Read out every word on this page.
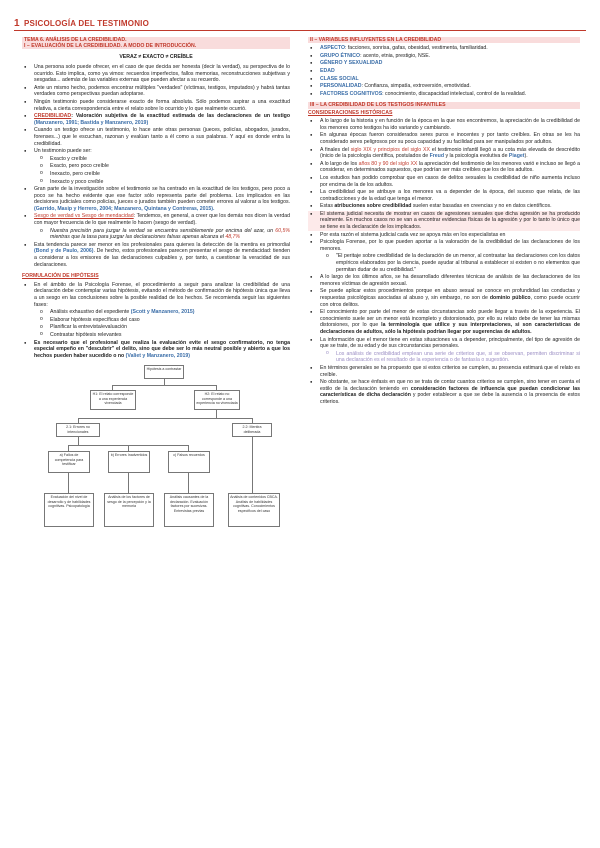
1 PSICOLOGÍA DEL TESTIMONIO
TEMA 6. ANÁLISIS DE LA CREDIBILIDAD.
I – EVALUACIÓN DE LA CREDIBILIDAD. A MODO DE INTRODUCCIÓN.
VERAZ ≠ EXACTO ≠ CREÍBLE
● Una persona solo puede ofrecer, en el caso de que decida ser honesta (decir la verdad), su perspectiva de lo ocurrido. Esto implica, como ya vimos: recuerdos imperfectos, fallos memorias, reconstrucciones subjetivas y sesgadas... además de las variables externas que pueden afectar a su recuerdo.
● Ante un mismo hecho, podemos encontrar múltiples "verdades" (víctimas, testigos, imputados) y habrá tantas verdades como perspectivas puedan adoptarse.
● Ningún testimonio puede considerarse exacto de forma absoluta. Sólo podemos aspirar a una exactitud relativa, a cierta correspondencia entre el relato sobre lo ocurrido y lo que realmente ocurrió.
● CREDIBILIDAD: Valoración subjetiva de la exactitud estimada de las declaraciones de un testigo (Manzanero, 1991; Bastida y Manzanero, 2019)
● Cuando un testigo ofrece un testimonio, lo hace ante otras personas (jueces, policías, abogados, jurados, forenses...) que le escuchan, razonan y evalúan tanto a él como a sus palabras. Y aquí es donde entra la credibilidad.
● Un testimonio puede ser:
o Exacto y creíble
o Exacto, pero poco creíble
o Inexacto, pero creíble
o Inexacto y poco creíble
● Gran parte de la investigación sobre el testimonio se ha centrado en la exactitud de los testigos, pero poco a poco se ha hecho evidente que ese factor sólo representa parte del problema. Los implicados en las decisiones judiciales como policías, jueces o jurados también pueden cometer errores al valorar a los testigos. (Garrido, Masip y Herrero, 2004; Manzanero, Quintana y Contreras, 2015).
● Sesgo de verdad vs Sesgo de mendacidad: Tendemos, en general, a creer que los demás nos dicen la verdad con mayor frecuencia de lo que realmente lo hacen (sesgo de verdad).
o Nuestra precisión para juzgar la verdad se encuentra sensiblemente por encima del azar, un 60,5% mientras que la tasa para juzgar las declaraciones falsas apenas alcanza el 48,7%
● Esta tendencia parece ser menor en los profesionales para quienes la detección de la mentira es primordial (Bond y de Paulo, 2006). De hecho, estos profesionales parecen presentar el sesgo de mendacidad: tienden a considerar a los emisores de las declaraciones culpables y, por tanto, a cuestionar la veracidad de sus declaraciones.
FORMULACIÓN DE HIPÓTESIS
● En el ámbito de la Psicología Forense, el procedimiento a seguir para analizar la credibilidad de una declaración debe contemplar varias hipótesis, evitando el método de confirmación de hipótesis única que lleva a un sesgo en las conclusiones sobre la posible realidad de los hechos. Se recomienda seguir las siguientes fases:
o Análisis exhaustivo del expediente (Scott y Manzanero, 2015)
o Elaborar hipótesis específicas del caso
o Planificar la entrevista/evaluación
o Contrastar hipótesis relevantes
● Es necesario que el profesional que realiza la evaluación evite el sesgo confirmatorio, no tenga especial empeño en "descubrir" el delito, sino que debe ser lo más neutral posible y abierto a que los hechos pueden haber sucedido o no (Valiet y Manzanero, 2019)
Hipótesis a contrastar
H1: El relato corresponde a una experiencia vivenciada
H2: El relato no corresponde a una experiencia no vivenciada
2.1: Errores no intencionales
2.2: Mentira deliberada
a) Fallos de competencia para testificar
b) Errores Inadvertidos	c) Falsos recuerdos
Evaluación del nivel de desarrollo y de habilidades cognitivas. Psicopatología
Análisis de los factores de sesgo de la percepción y la memoria
Análisis causantes de la declaración. Evaluación factores por sucesivas. Entrevistas previas
Análisis de contenidos CBCA. Análisis de habilidades cognitivas. Conocimientos específicos del caso
II – VARIABLES INFLUYENTES EN LA CREDIBILIDAD
● ASPECTO: facciones, sonrisa, gafas, obesidad, vestimenta, familiaridad.
● GRUPO ÉTNICO: acento, etnia, prestigio, NSE.
● GÉNERO Y SEXUALIDAD
● EDAD
● CLASE SOCIAL
● PERSONALIDAD: Confianza, simpatía, extroversión, emotividad.
● FACTORES COGNITIVOS: conocimiento, discapacidad intelectual, control de la realidad.
III – LA CREDIBILIDAD DE LOS TESTIGOS INFANTILES
CONSIDERACIONES HISTÓRICAS
● A lo largo de la historia y en función de la época en la que nos encontremos, la apreciación de la credibilidad de los menores como testigos ha ido variando y cambiando.
● En algunas épocas fueron considerados seres puros e inocentes y por tanto creíbles. En otras se les ha considerado seres peligrosos por su poca capacidad y su facilidad para ser manipulados por adultos.
● A finales del siglo XIX y principios del siglo XX el testimonio infantil llegó a su cota más elevada de descrédito (inicio de la psicología científica, postulados de Freud y la psicología evolutiva de Piaget).
● A lo largo de los años 80 y 90 del siglo XX la apreciación del testimonio de los menores varió e incluso se llegó a considerar, en determinados supuestos, que podrían ser más creíbles que los de los adultos.
● Los estudios han podido comprobar que en casos de delitos sexuales la credibilidad de niño aumenta incluso por encima de la de los adultos.
● La credibilidad que se atribuye a los menores va a depender de la época, del suceso que relata, de las contradicciones y de la edad que tenga el menor.
● Estas atribuciones sobre credibilidad suelen estar basadas en creencias y no en datos científicos.
● El sistema judicial necesita de mostrar en casos de agresiones sexuales que dicha agresión se ha producido realmente. En muchos casos no se van a encontrar evidencias físicas de la agresión y por lo tanto lo único que se tiene es la declaración de los implicados.
● Por esta razón el sistema judicial cada vez se apoya más en los especialistas en
● Psicología Forense, por lo que pueden aportar a la valoración de la credibilidad de las declaraciones de los menores.
o "El peritaje sobre credibilidad de la declaración de un menor, al contrastar las declaraciones con los datos empíricos elaborados por la ciencia, puede ayudar al tribunal a establecer si existen o no elementos que permitan dudar de su credibilidad."
● A lo largo de los últimos años, se ha desarrollado diferentes técnicas de análisis de las declaraciones de los menores víctimas de agresión sexual.
● Se puede aplicar estos procedimientos porque en abuso sexual se conoce en profundidad las conductas y respuestas psicológicas asociadas al abuso y, sin embargo, no son de dominio público, como puede ocurrir con otros delitos.
● El conocimiento por parte del menor de estas circunstancias solo puede llegar a través de la experiencia. El conocimiento suele ser un menor está incompleto y distorsionado, por ello su relato debe de tener las mismas distorsiones, por lo que la terminología que utilice y sus interpretaciones, si son características de declaraciones de adultos, sólo la hipótesis podrían llegar por sugerencias de adultos.
● La información que el menor tiene en estas situaciones va a depender, principalmente, del tipo de agresión de que se trate, de su edad y de sus circunstancias personales.
o Los análisis de credibilidad emplean una serie de criterios que, si se observan, permiten discriminar si una declaración es el resultado de la experiencia o de fantasía o sugestión.
● En términos generales se ha propuesto que si estos criterios se cumplen, su presencia estimará que el relato es creíble.
● No obstante, se hace énfasis en que no se trata de contar cuantos criterios se cumplen, sino tener en cuenta el estilo de la declaración teniendo en consideración factores de influencia que puedan condicionar las características de dicha declaración y poder establecer a que se debe la ausencia o la presencia de estos criterios.
